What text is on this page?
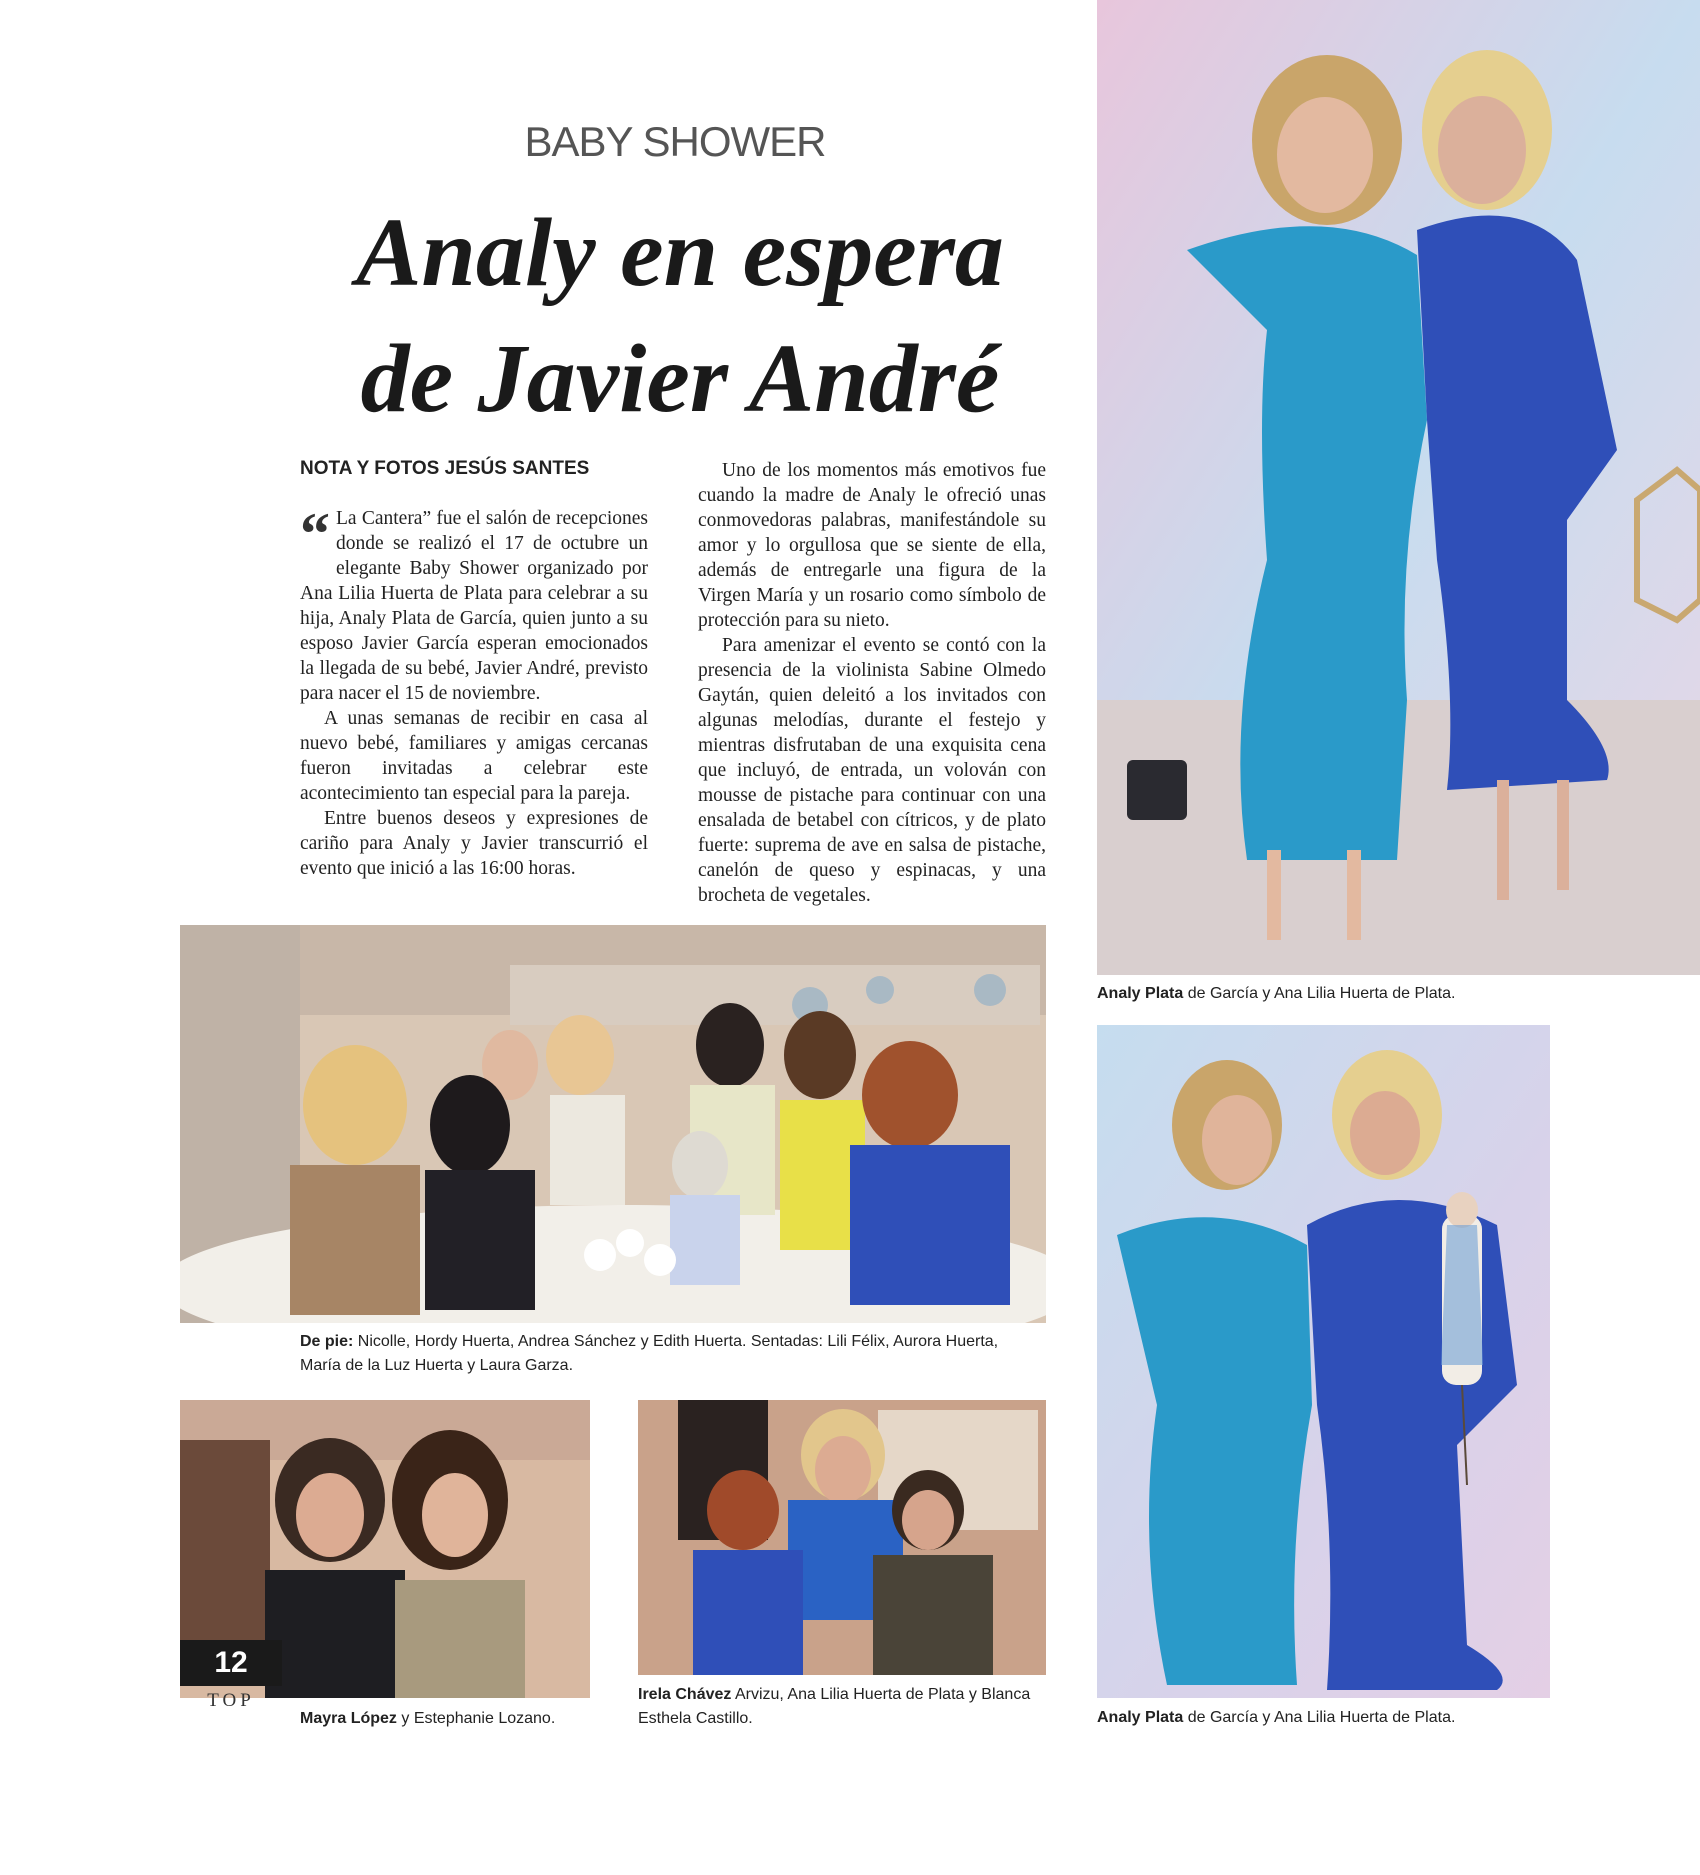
BABY SHOWER
Analy en espera
de Javier André
NOTA Y FOTOS JESÚS SANTES

“ La Cantera” fue el salón de recepciones donde se realizó el 17 de octubre un elegante Baby Shower organizado por Ana Lilia Huerta de Plata para celebrar a su hija, Analy Plata de García, quien junto a su esposo Javier García esperan emocionados la llegada de su bebé, Javier André, previsto para nacer el 15 de noviembre.

A unas semanas de recibir en casa al nuevo bebé, familiares y amigas cercanas fueron invitadas a celebrar este acontecimiento tan especial para la pareja.

Entre buenos deseos y expresiones de cariño para Analy y Javier transcurrió el evento que inició a las 16:00 horas.

Uno de los momentos más emotivos fue cuando la madre de Analy le ofreció unas conmovedoras palabras, manifestándole su amor y lo orgullosa que se siente de ella, además de entregarle una figura de la Virgen María y un rosario como símbolo de protección para su nieto.

Para amenizar el evento se contó con la presencia de la violinista Sabine Olmedo Gaytán, quien deleitó a los invitados con algunas melodías, durante el festejo y mientras disfrutaban de una exquisita cena que incluyó, de entrada, un volován con mousse de pistache para continuar con una ensalada de betabel con cítricos, y de plato fuerte: suprema de ave en salsa de pistache, canelón de queso y espinacas, y una brocheta de vegetales.

Analy Plata de García y Ana Lilia Huerta de Plata.
De pie: Nicolle, Hordy Huerta, Andrea Sánchez y Edith Huerta. Sentadas: Lili Félix, Aurora Huerta, María de la Luz Huerta y Laura Garza.
12
TOP
Mayra López y Estephanie Lozano.
Irela Chávez Arvizu, Ana Lilia Huerta de Plata y Blanca Esthela Castillo.	Analy Plata de García y Ana Lilia Huerta de Plata.
